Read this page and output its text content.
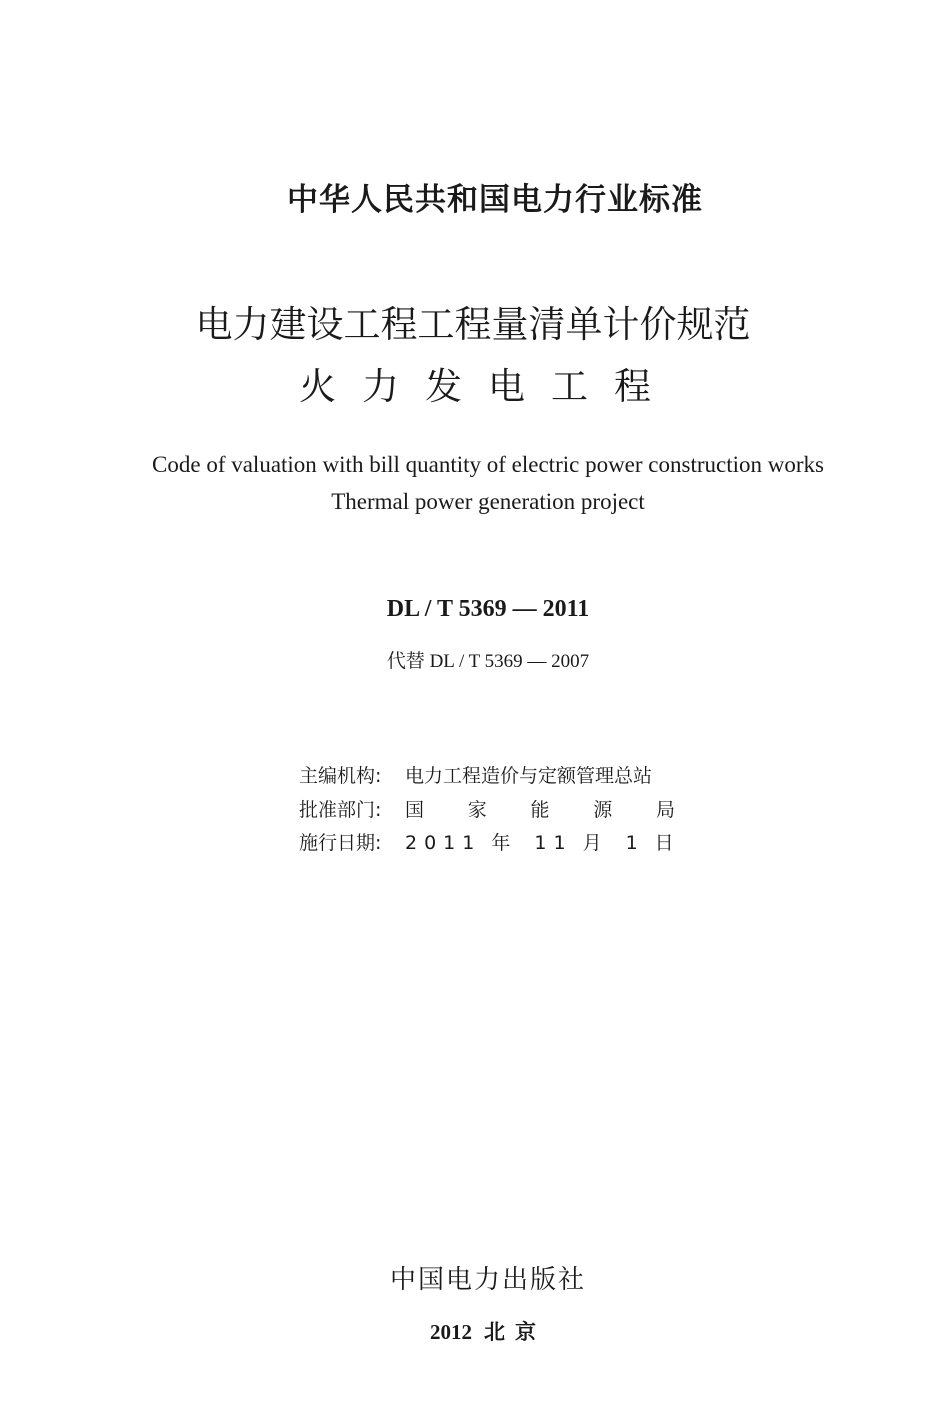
中华人民共和国电力行业标准
电力建设工程工程量清单计价规范
火力发电工程
Code of valuation with bill quantity of electric power construction works
Thermal power generation project
DL / T 5369 — 2011
代替 DL / T 5369 — 2007
主编机构: 电力工程造价与定额管理总站
批准部门: 国 家 能 源 局
施行日期: 2011 年 11 月 1 日
中国电力出版社
2012 北京
